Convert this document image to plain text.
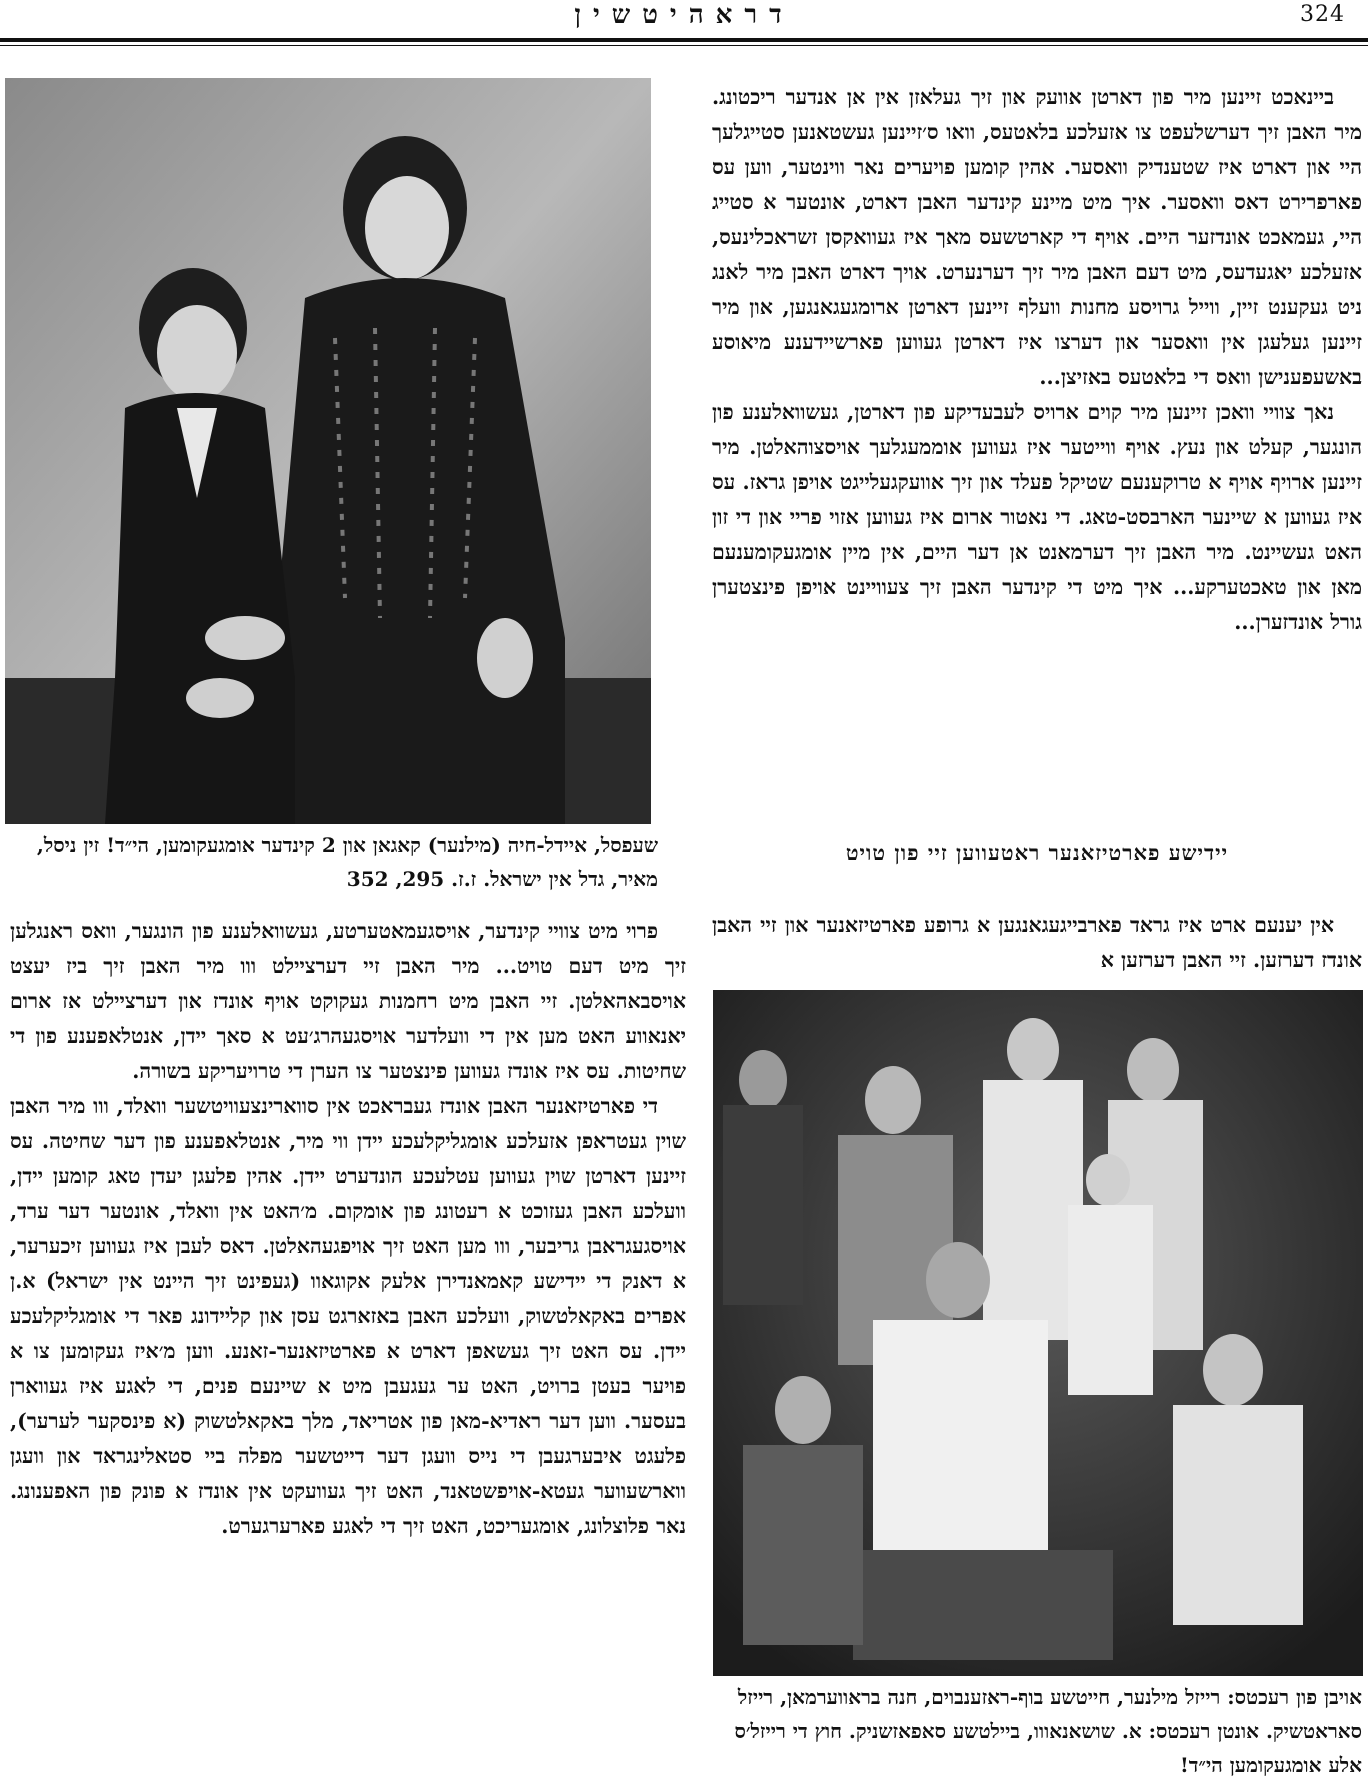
324
דראהיטשין
שעפסל, איידל-חיה (מילנער) קאגאן און 2 קינדער אומגעקומען, הי״ד! זין ניסל, מאיר, גדל אין ישראל. ז.ז. 295, 352

ביינאכט זיינען מיר פון דארטן אוועק און זיך געלאזן אין אן אנדער ריכטונג. מיר האבן זיך דערשלעפט צו אזעלכע בלאטעס, וואו ס׳זיינען געשטאנען סטייגלעך היי און דארט איז שטענדיק וואסער. אהין קומען פויערים נאר ווינטער, ווען עס פארפרירט דאס וואסער. איך מיט מיינע קינדער האבן דארט, אונטער א סטייג היי, געמאכט אונדזער היים. אויף די קארטשעס מאך איז געוואקסן זשראכלינעס, אזעלכע יאגעדעס, מיט דעם האבן מיר זיך דערנערט. אויך דארט האבן מיר לאנג ניט געקענט זיין, ווייל גרויסע מחנות וועלף זיינען דארטן ארומגעגאנגען, און מיר זיינען געלעגן אין וואסער און דערצו איז דארטן געווען פארשיידענע מיאוסע באשעפענישן וואס די בלאטעס באזיצן...

נאך צוויי וואכן זיינען מיר קוים ארויס לעבעדיקע פון דארטן, געשוואלענע פון הונגער, קעלט און נעץ. אויף ווייטער איז געווען אוממעגלעך אויסצוהאלטן. מיר זיינען ארויף אויף א טרוקענעם שטיקל פעלד און זיך אוועקגעלייגט אויפן גראז. עס איז געווען א שיינער הארבסט-טאג. די נאטור ארום איז געווען אזוי פריי און די זון האט געשיינט. מיר האבן זיך דערמאנט אן דער היים, אין מיין אומגעקומענעם מאן און טאכטערקע... איך מיט די קינדער האבן זיך צעוויינט אויפן פינצטערן גורל אונדזערן...

יידישע פארטיזאנער ראטעווען זיי פון טויט

אין יענעם ארט איז גראד פארבייגעגאנגען א גרופע פארטיזאנער און זיי האבן אונדז דערזען. זיי האבן דערזען א

אויבן פון רעכטס: רייזל מילנער, חייטשע בוף-ראזענבוים, חנה בראווערמאן, רייזל סאראטשיק. אונטן רעכטס: א. שושאנאווו, ביילטשע סאפאזשניק. חוץ די רייזל׳ס אלע אומגעקומען הי״ד!

פרוי מיט צוויי קינדער, אויסגעמאטערטע, געשוואלענע פון הונגער, וואס ראנגלען זיך מיט דעם טויט... מיר האבן זיי דערציילט ווו מיר האבן זיך ביז יעצט אויסבאהאלטן. זיי האבן מיט רחמנות געקוקט אויף אונדז און דערציילט אז ארום יאנאווע האט מען אין די וועלדער אויסגעהרג׳עט א סאך יידן, אנטלאפענע פון די שחיטות. עס איז אונדז געווען פינצטער צו הערן די טרויעריקע בשורה.

די פארטיזאנער האבן אונדז געבראכט אין סווארינצעוויטשער וואלד, ווו מיר האבן שוין געטראפן אזעלכע אומגליקלעכע יידן ווי מיר, אנטלאפענע פון דער שחיטה. עס זיינען דארטן שוין געווען עטלעכע הונדערט יידן. אהין פלעגן יעדן טאג קומען יידן, וועלכע האבן געזוכט א רעטונג פון אומקום. מ׳האט אין וואלד, אונטער דער ערד, אויסגעגראבן גריבער, ווו מען האט זיך אויפגעהאלטן. דאס לעבן איז געווען זיכערער, א דאנק די יידישע קאמאנדירן אלעק אקוגאוו (געפינט זיך היינט אין ישראל) א.ן אפרים באקאלטשוק, וועלכע האבן באזארגט עסן און קליידונג פאר די אומגליקלעכע יידן. עס האט זיך געשאפן דארט א פארטיזאנער-זאנע. ווען מ׳איז געקומען צו א פויער בעטן ברויט, האט ער געגעבן מיט א שיינעם פנים, די לאגע איז געווארן בעסער. ווען דער ראדיא-מאן פון אטריאד, מלך באקאלטשוק (א פינסקער לערער), פלעגט איבערגעבן די נייס וועגן דער דייטשער מפלה ביי סטאלינגראד און וועגן ווארשעווער געטא-אויפשטאנד, האט זיך געוועקט אין אונדז א פונק פון האפענונג. נאר פלוצלונג, אומגעריכט, האט זיך די לאגע פארערגערט.
